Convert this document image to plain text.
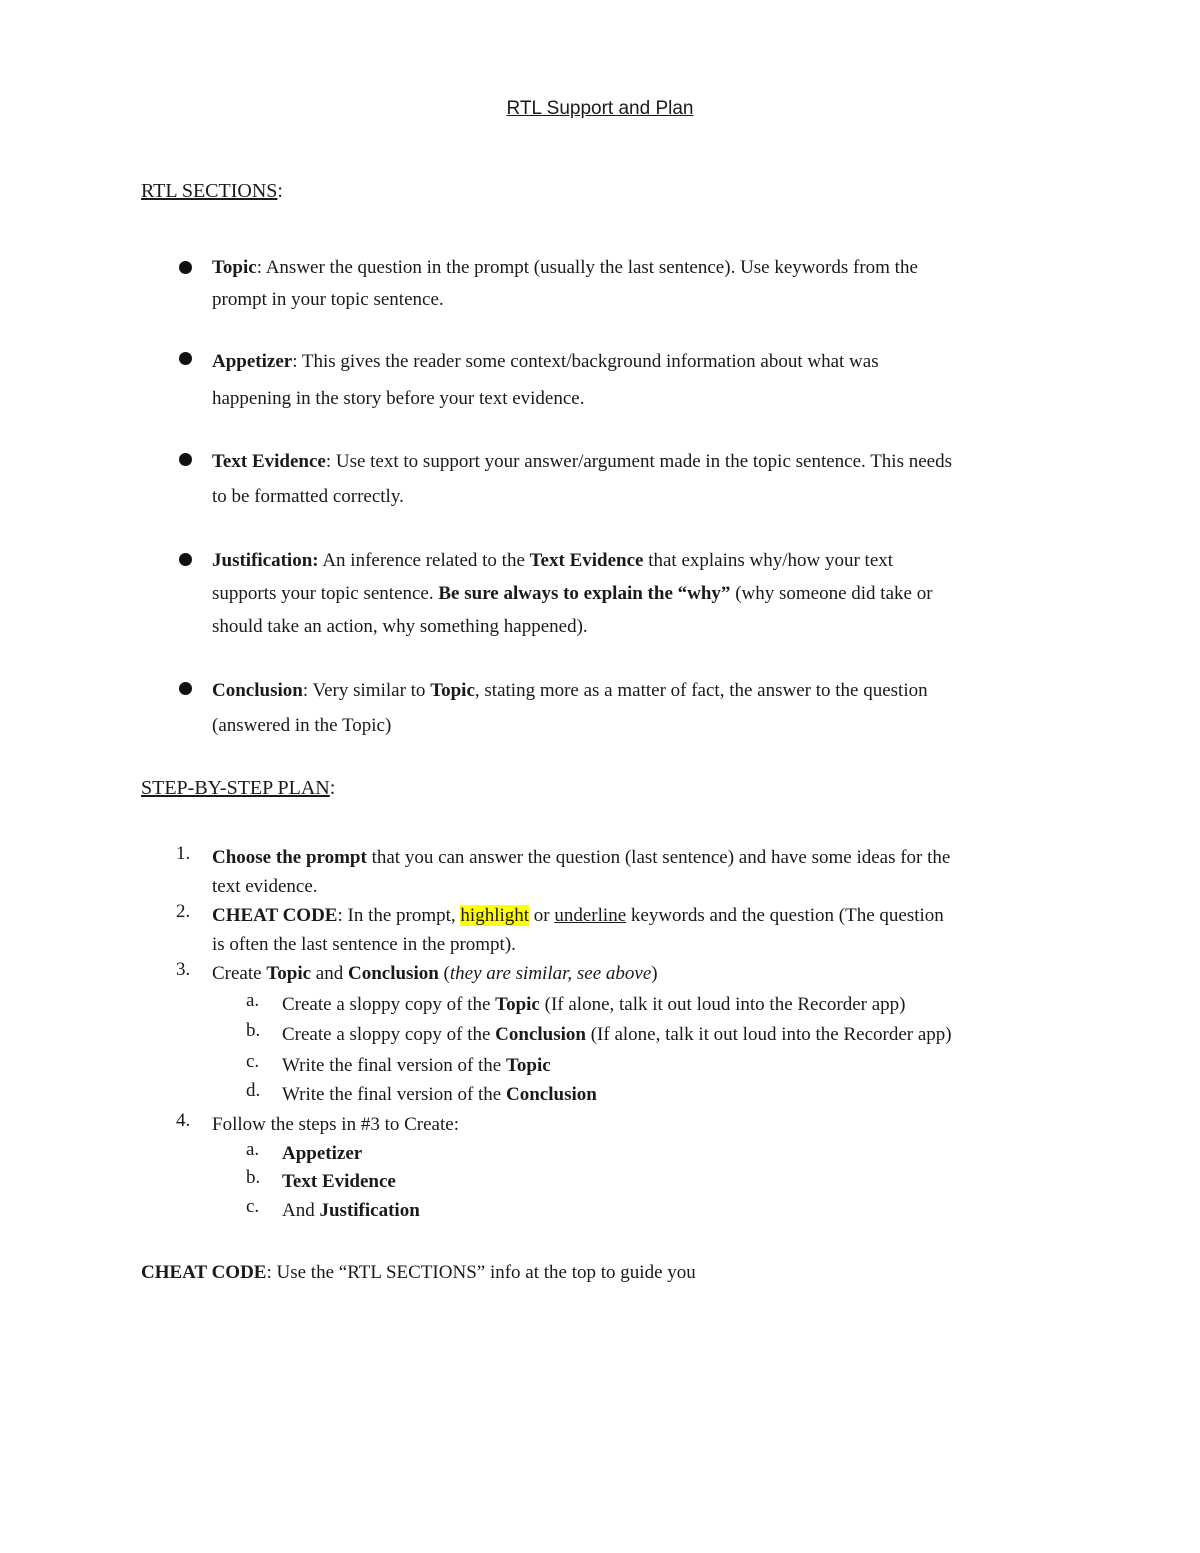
RTL Support and Plan
RTL SECTIONS:
Topic: Answer the question in the prompt (usually the last sentence). Use keywords from the
prompt in your topic sentence.
Appetizer: This gives the reader some context/background information about what was
happening in the story before your text evidence.
Text Evidence: Use text to support your answer/argument made in the topic sentence. This needs
to be formatted correctly.
Justification: An inference related to the Text Evidence that explains why/how your text
supports your topic sentence. Be sure always to explain the “why” (why someone did take or
should take an action, why something happened).
Conclusion: Very similar to Topic, stating more as a matter of fact, the answer to the question
(answered in the Topic)
STEP-BY-STEP PLAN:
1.	Choose the prompt that you can answer the question (last sentence) and have some ideas for the
text evidence.
2.	CHEAT CODE: In the prompt, highlight or underline keywords and the question (The question
is often the last sentence in the prompt).
3.	Create Topic and Conclusion (they are similar, see above)
a.	Create a sloppy copy of the Topic (If alone, talk it out loud into the Recorder app)
b.	Create a sloppy copy of the Conclusion (If alone, talk it out loud into the Recorder app)
c.	Write the final version of the Topic
d.	Write the final version of the Conclusion
4.	Follow the steps in #3 to Create:
a.	Appetizer
b.	Text Evidence
c.	And Justification
CHEAT CODE: Use the “RTL SECTIONS” info at the top to guide you
